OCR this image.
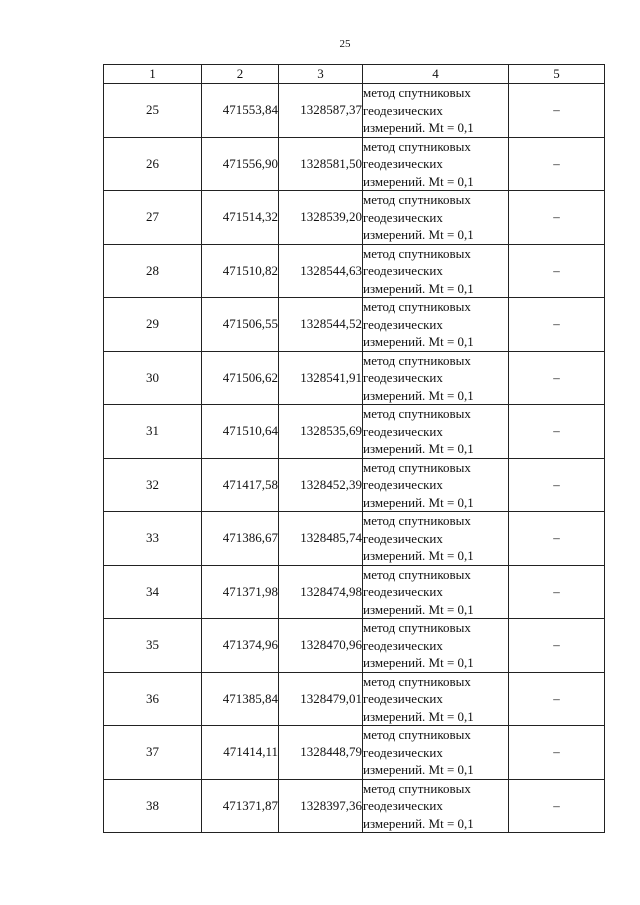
25
1	2	3	4	5
25	471553,84	1328587,37	метод спутниковых
геодезических
измерений. Mt = 0,1	–
26	471556,90	1328581,50	метод спутниковых
геодезических
измерений. Mt = 0,1	–
27	471514,32	1328539,20	метод спутниковых
геодезических
измерений. Mt = 0,1	–
28	471510,82	1328544,63	метод спутниковых
геодезических
измерений. Mt = 0,1	–
29	471506,55	1328544,52	метод спутниковых
геодезических
измерений. Mt = 0,1	–
30	471506,62	1328541,91	метод спутниковых
геодезических
измерений. Mt = 0,1	–
31	471510,64	1328535,69	метод спутниковых
геодезических
измерений. Mt = 0,1	–
32	471417,58	1328452,39	метод спутниковых
геодезических
измерений. Mt = 0,1	–
33	471386,67	1328485,74	метод спутниковых
геодезических
измерений. Mt = 0,1	–
34	471371,98	1328474,98	метод спутниковых
геодезических
измерений. Mt = 0,1	–
35	471374,96	1328470,96	метод спутниковых
геодезических
измерений. Mt = 0,1	–
36	471385,84	1328479,01	метод спутниковых
геодезических
измерений. Mt = 0,1	–
37	471414,11	1328448,79	метод спутниковых
геодезических
измерений. Mt = 0,1	–
38	471371,87	1328397,36	метод спутниковых
геодезических
измерений. Mt = 0,1	–
